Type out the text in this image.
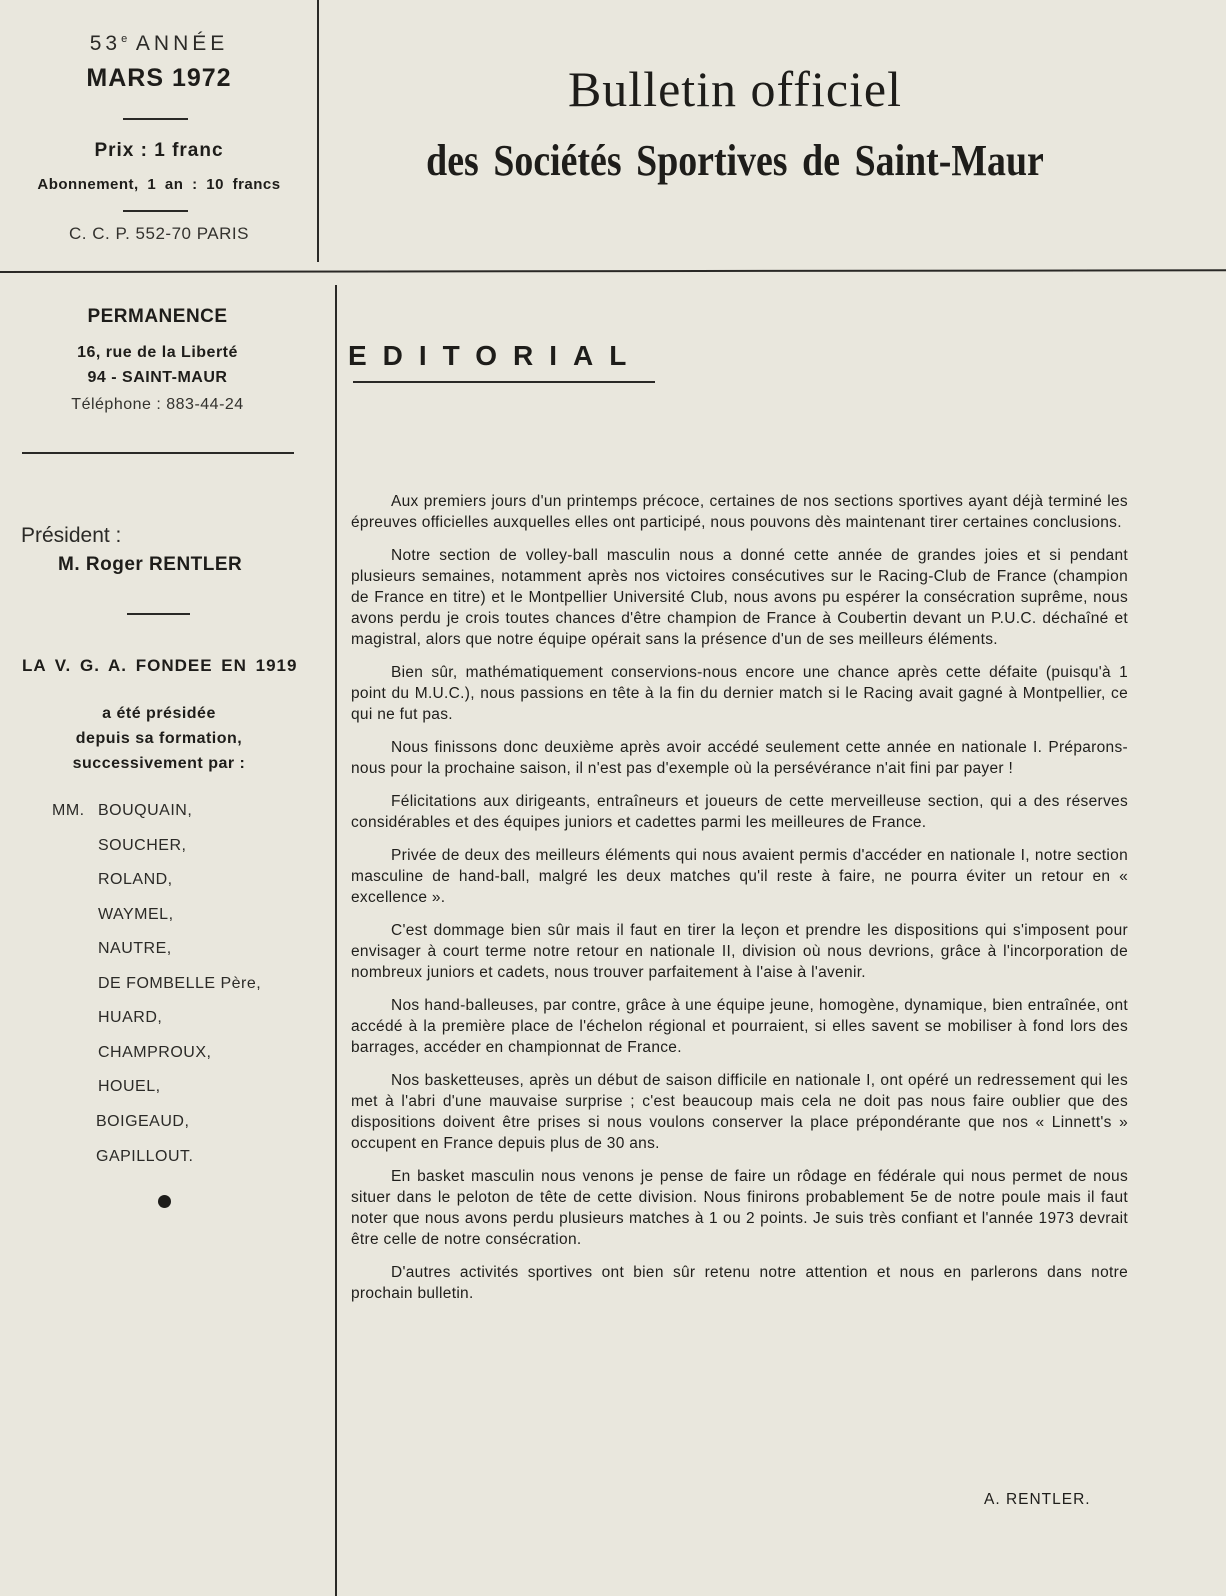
53e ANNÉE
MARS 1972
Prix : 1 franc
Abonnement, 1 an : 10 francs
C. C. P. 552-70 PARIS
Bulletin officiel
des Sociétés Sportives de Saint-Maur
PERMANENCE
16, rue de la Liberté
94 - SAINT-MAUR
Téléphone : 883-44-24
Président :
M. Roger RENTLER
LA V. G. A. FONDEE EN 1919
a été présidée
depuis sa formation,
successivement par :
MM. BOUQUAIN,
SOUCHER,
ROLAND,
WAYMEL,
NAUTRE,
DE FOMBELLE Père,
HUARD,
CHAMPROUX,
HOUEL,
BOIGEAUD,
GAPILLOUT.
EDITORIAL

Aux premiers jours d'un printemps précoce, certaines de nos sections sportives ayant déjà terminé les épreuves officielles auxquelles elles ont participé, nous pouvons dès maintenant tirer certaines conclusions.

Notre section de volley-ball masculin nous a donné cette année de grandes joies et si pendant plusieurs semaines, notamment après nos victoires consécutives sur le Racing-Club de France (champion de France en titre) et le Montpellier Université Club, nous avons pu espérer la consécration suprême, nous avons perdu je crois toutes chances d'être champion de France à Coubertin devant un P.U.C. déchaîné et magistral, alors que notre équipe opérait sans la présence d'un de ses meilleurs éléments.

Bien sûr, mathématiquement conservions-nous encore une chance après cette défaite (puisqu'à 1 point du M.U.C.), nous passions en tête à la fin du dernier match si le Racing avait gagné à Montpellier, ce qui ne fut pas.

Nous finissons donc deuxième après avoir accédé seulement cette année en nationale I. Préparons-nous pour la prochaine saison, il n'est pas d'exemple où la persévérance n'ait fini par payer !

Félicitations aux dirigeants, entraîneurs et joueurs de cette merveilleuse section, qui a des réserves considérables et des équipes juniors et cadettes parmi les meilleures de France.

Privée de deux des meilleurs éléments qui nous avaient permis d'accéder en nationale I, notre section masculine de hand-ball, malgré les deux matches qu'il reste à faire, ne pourra éviter un retour en « excellence ».

C'est dommage bien sûr mais il faut en tirer la leçon et prendre les dispositions qui s'imposent pour envisager à court terme notre retour en nationale II, division où nous devrions, grâce à l'incorporation de nombreux juniors et cadets, nous trouver parfaitement à l'aise à l'avenir.

Nos hand-balleuses, par contre, grâce à une équipe jeune, homogène, dynamique, bien entraînée, ont accédé à la première place de l'échelon régional et pourraient, si elles savent se mobiliser à fond lors des barrages, accéder en championnat de France.

Nos basketteuses, après un début de saison difficile en nationale I, ont opéré un redressement qui les met à l'abri d'une mauvaise surprise ; c'est beaucoup mais cela ne doit pas nous faire oublier que des dispositions doivent être prises si nous voulons conserver la place prépondérante que nos « Linnett's » occupent en France depuis plus de 30 ans.

En basket masculin nous venons je pense de faire un rôdage en fédérale qui nous permet de nous situer dans le peloton de tête de cette division. Nous finirons probablement 5e de notre poule mais il faut noter que nous avons perdu plusieurs matches à 1 ou 2 points. Je suis très confiant et l'année 1973 devrait être celle de notre consécration.

D'autres activités sportives ont bien sûr retenu notre attention et nous en parlerons dans notre prochain bulletin.

A. RENTLER.
